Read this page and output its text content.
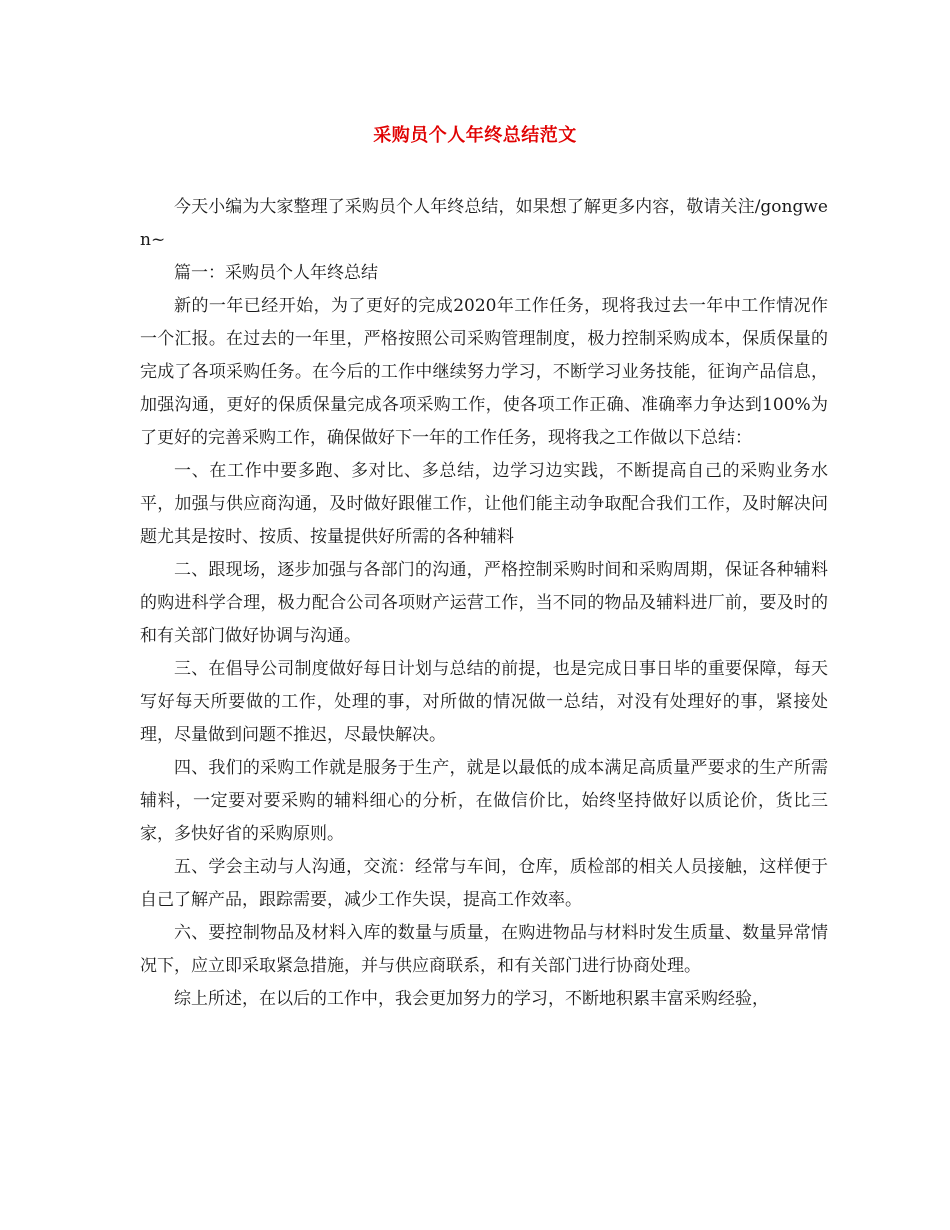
采购员个人年终总结范文

今天小编为大家整理了采购员个人年终总结，如果想了解更多内容，敬请关注/gongwen~

篇一：采购员个人年终总结

新的一年已经开始，为了更好的完成2020年工作任务，现将我过去一年中工作情况作一个汇报。在过去的一年里，严格按照公司采购管理制度，极力控制采购成本，保质保量的完成了各项采购任务。在今后的工作中继续努力学习，不断学习业务技能，征询产品信息，加强沟通，更好的保质保量完成各项采购工作，使各项工作正确、准确率力争达到100%为了更好的完善采购工作，确保做好下一年的工作任务，现将我之工作做以下总结：

一、在工作中要多跑、多对比、多总结，边学习边实践，不断提高自己的采购业务水平，加强与供应商沟通，及时做好跟催工作，让他们能主动争取配合我们工作，及时解决问题尤其是按时、按质、按量提供好所需的各种辅料

二、跟现场，逐步加强与各部门的沟通，严格控制采购时间和采购周期，保证各种辅料的购进科学合理，极力配合公司各项财产运营工作，当不同的物品及辅料进厂前，要及时的和有关部门做好协调与沟通。

三、在倡导公司制度做好每日计划与总结的前提，也是完成日事日毕的重要保障，每天写好每天所要做的工作，处理的事，对所做的情况做一总结，对没有处理好的事，紧接处理，尽量做到问题不推迟，尽最快解决。

四、我们的采购工作就是服务于生产，就是以最低的成本满足高质量严要求的生产所需辅料，一定要对要采购的辅料细心的分析，在做信价比，始终坚持做好以质论价，货比三家，多快好省的采购原则。

五、学会主动与人沟通，交流：经常与车间，仓库，质检部的相关人员接触，这样便于自己了解产品，跟踪需要，减少工作失误，提高工作效率。

六、要控制物品及材料入库的数量与质量，在购进物品与材料时发生质量、数量异常情况下，应立即采取紧急措施，并与供应商联系，和有关部门进行协商处理。

综上所述，在以后的工作中，我会更加努力的学习，不断地积累丰富采购经验，
